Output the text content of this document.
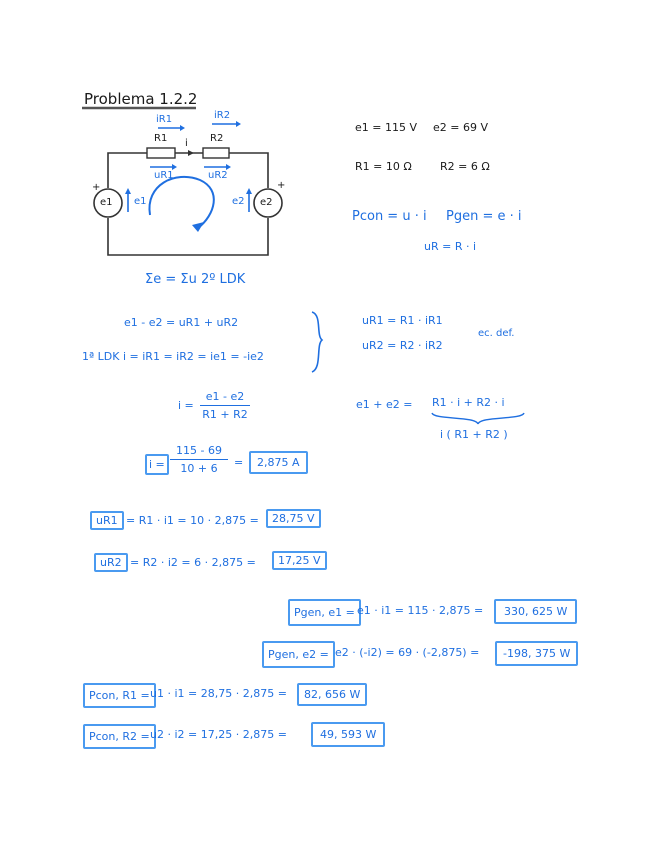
Problema 1.2.2
iR1	iR2
R1	R2
i
uR1	uR2
e1	e2
e1	e2
+	+
e1 = 115 V e2 = 69 V
R1 = 10 Ω	R2 = 6 Ω
Pcon = u · i Pgen = e · i
uR = R · i
Σe = Σu 2º LDK
e1 - e2 = uR1 + uR2
1ª LDK i = iR1 = iR2 = ie1 = -ie2
uR1 = R1 · iR1
uR2 = R2 · iR2
ec. def.
e1 + e2 = R1 · i + R2 · i
i ( R1 + R2 )
i =
e1 - e2
R1 + R2
i =
115 - 69
10 + 6	=	2,875 A
uR1 = R1 · i1 = 10 · 2,875 =	28,75 V
uR2 = R2 · i2 = 6 · 2,875 =	17,25 V
Pgen, e1 = e1 · i1 = 115 · 2,875 =	330, 625 W
Pgen, e2 = e2 · (-i2) = 69 · (-2,875) =	-198, 375 W
Pcon, R1 = u1 · i1 = 28,75 · 2,875 =	82, 656 W
Pcon, R2 = u2 · i2 = 17,25 · 2,875 =	49, 593 W
